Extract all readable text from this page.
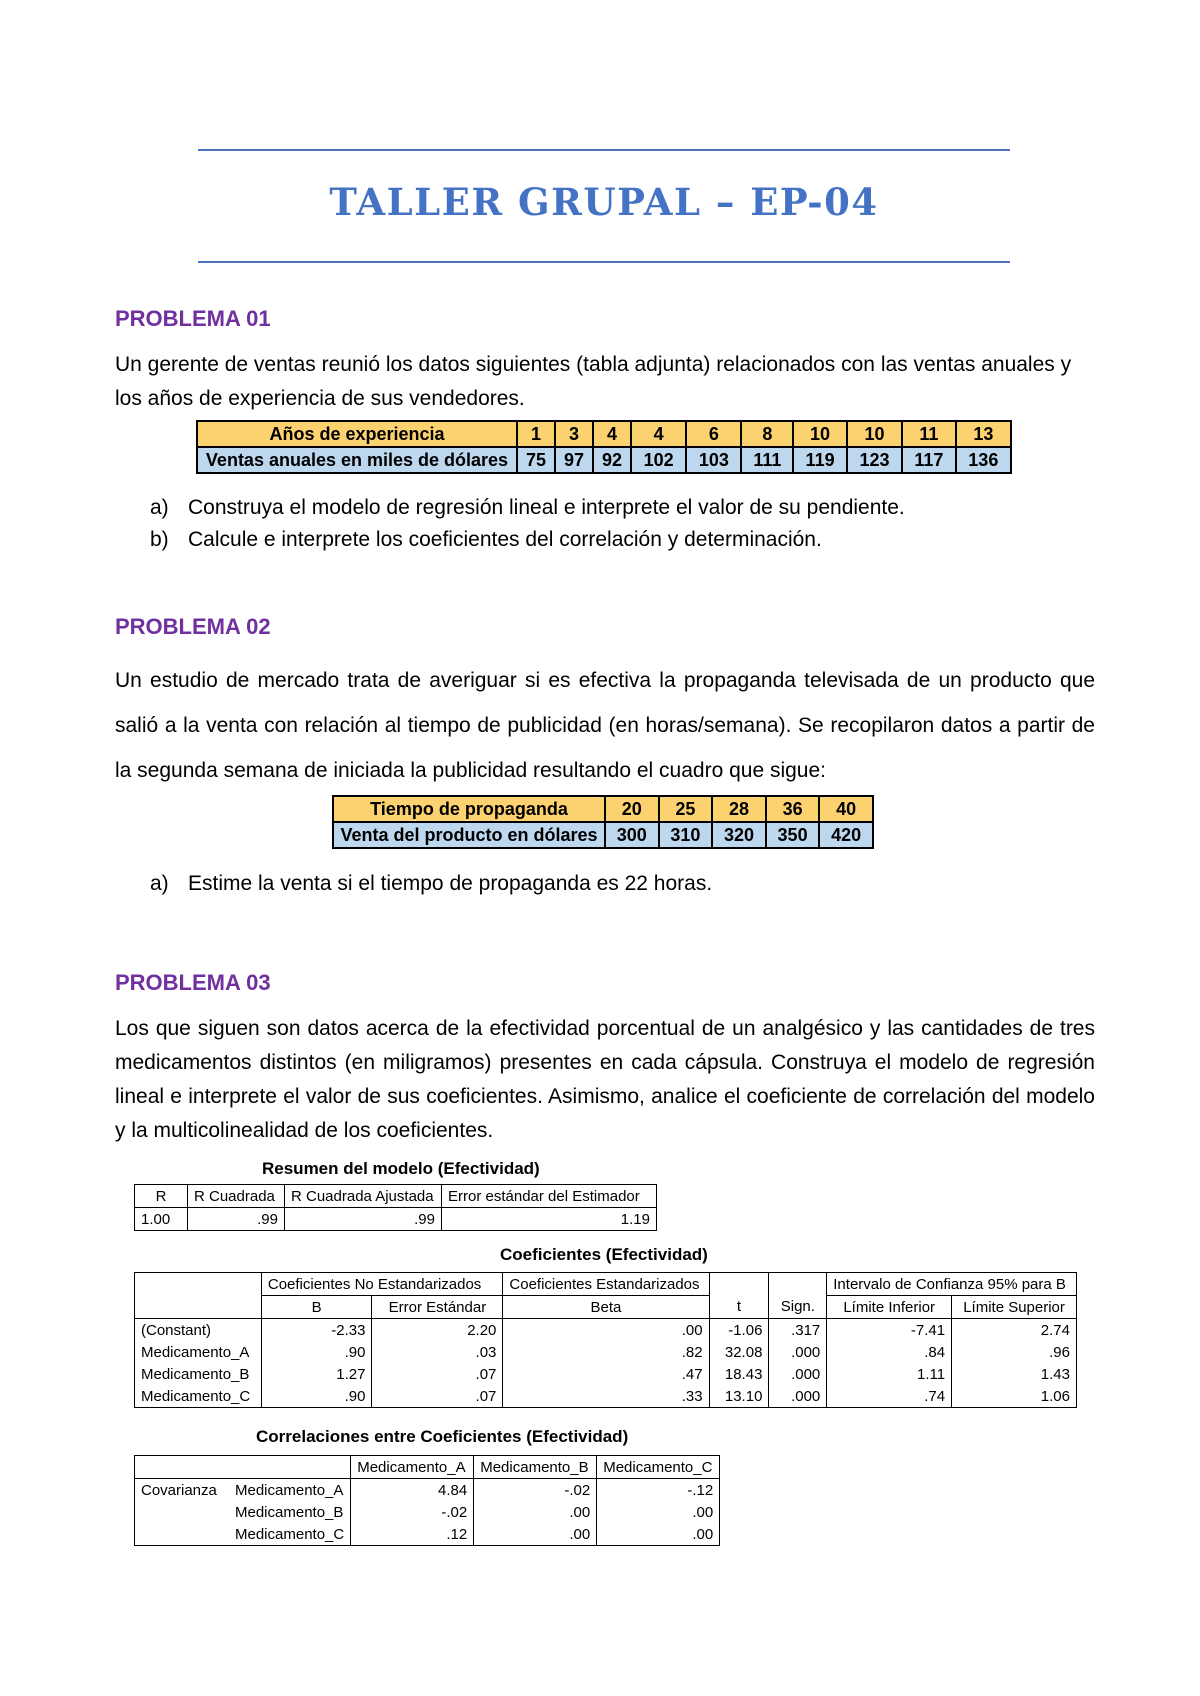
TALLER GRUPAL – EP-04
PROBLEMA 01
Un gerente de ventas reunió los datos siguientes (tabla adjunta) relacionados con las ventas anuales y los años de experiencia de sus vendedores.
Años de experiencia	1	3	4	4	6	8	10	10	11	13
Ventas anuales en miles de dólares	75	97	92	102	103	111	119	123	117	136
a) Construya el modelo de regresión lineal e interprete el valor de su pendiente.
b) Calcule e interprete los coeficientes del correlación y determinación.
PROBLEMA 02
Un estudio de mercado trata de averiguar si es efectiva la propaganda televisada de un producto que salió a la venta con relación al tiempo de publicidad (en horas/semana). Se recopilaron datos a partir de la segunda semana de iniciada la publicidad resultando el cuadro que sigue:
Tiempo de propaganda	20	25	28	36	40
Venta del producto en dólares	300	310	320	350	420
a) Estime la venta si el tiempo de propaganda es 22 horas.
PROBLEMA 03
Los que siguen son datos acerca de la efectividad porcentual de un analgésico y las cantidades de tres medicamentos distintos (en miligramos) presentes en cada cápsula. Construya el modelo de regresión lineal e interprete el valor de sus coeficientes. Asimismo, analice el coeficiente de correlación del modelo y la multicolinealidad de los coeficientes.
Resumen del modelo (Efectividad)
R	R Cuadrada	R Cuadrada Ajustada	Error estándar del Estimador
1.00	.99	.99	1.19
Coeficientes (Efectividad)
	Coeficientes No Estandarizados		Coeficientes Estandarizados			Intervalo de Confianza 95% para B	
	B	Error Estándar	Beta	t	Sign.	Límite Inferior	Límite Superior
(Constant)	-2.33	2.20	.00	-1.06	.317	-7.41	2.74
Medicamento_A	.90	.03	.82	32.08	.000	.84	.96
Medicamento_B	1.27	.07	.47	18.43	.000	1.11	1.43
Medicamento_C	.90	.07	.33	13.10	.000	.74	1.06
Correlaciones entre Coeficientes (Efectividad)
		Medicamento_A	Medicamento_B	Medicamento_C
Covarianza	Medicamento_A	4.84	-.02	-.12
	Medicamento_B	-.02	.00	.00
	Medicamento_C	.12	.00	.00
